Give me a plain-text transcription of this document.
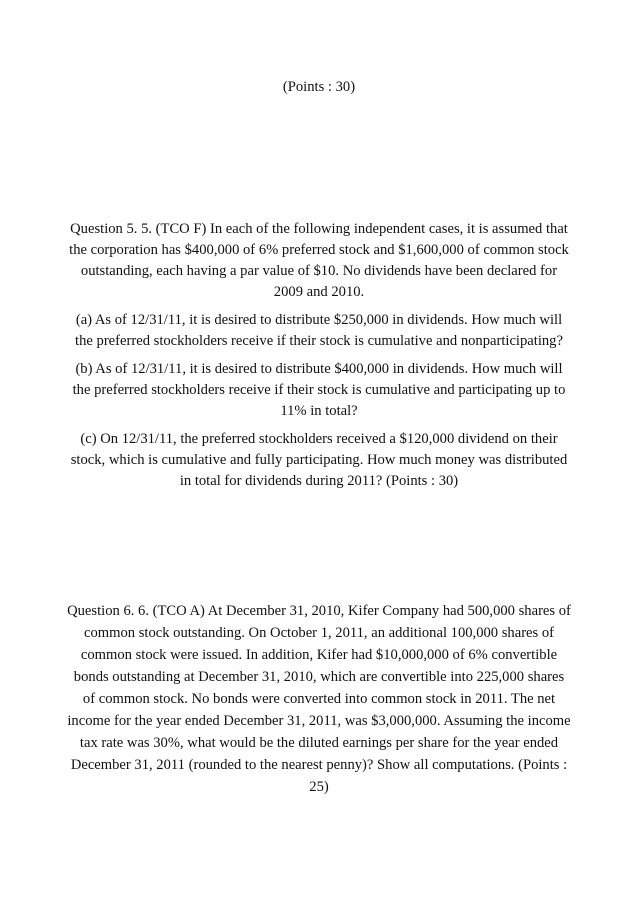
(Points : 30)

Question 5. 5. (TCO F) In each of the following independent cases, it is assumed that the corporation has $400,000 of 6% preferred stock and $1,600,000 of common stock outstanding, each having a par value of $10. No dividends have been declared for 2009 and 2010.

(a) As of 12/31/11, it is desired to distribute $250,000 in dividends. How much will the preferred stockholders receive if their stock is cumulative and nonparticipating?

(b) As of 12/31/11, it is desired to distribute $400,000 in dividends. How much will the preferred stockholders receive if their stock is cumulative and participating up to 11% in total?

(c) On 12/31/11, the preferred stockholders received a $120,000 dividend on their stock, which is cumulative and fully participating. How much money was distributed in total for dividends during 2011? (Points : 30)

Question 6. 6. (TCO A) At December 31, 2010, Kifer Company had 500,000 shares of common stock outstanding. On October 1, 2011, an additional 100,000 shares of common stock were issued. In addition, Kifer had $10,000,000 of 6% convertible bonds outstanding at December 31, 2010, which are convertible into 225,000 shares of common stock. No bonds were converted into common stock in 2011. The net income for the year ended December 31, 2011, was $3,000,000. Assuming the income tax rate was 30%, what would be the diluted earnings per share for the year ended December 31, 2011 (rounded to the nearest penny)? Show all computations. (Points : 25)
